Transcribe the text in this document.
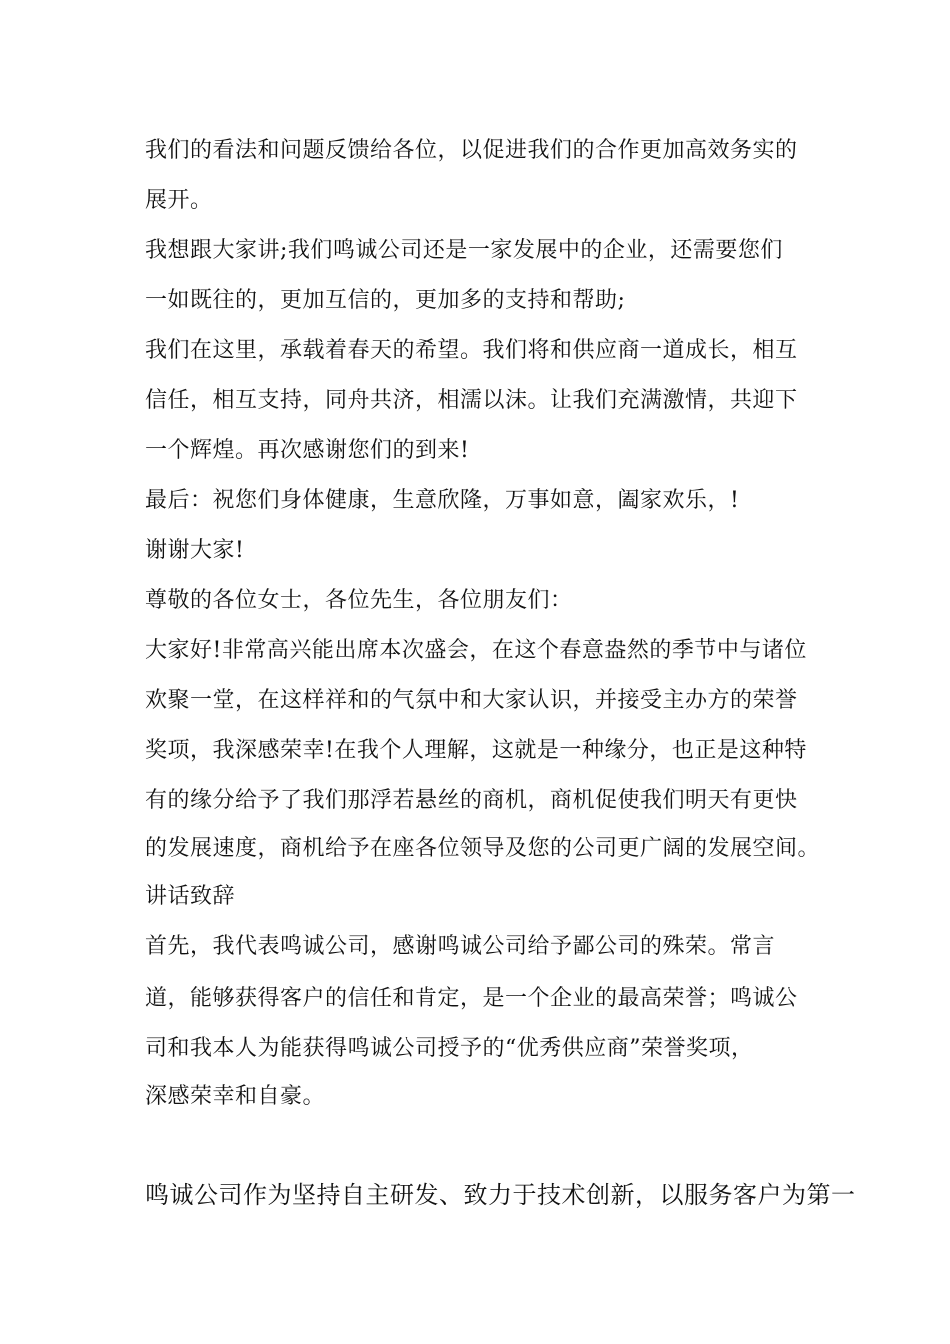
我们的看法和问题反馈给各位，以促进我们的合作更加高效务实的
展开。
我想跟大家讲;我们鸣诚公司还是一家发展中的企业，还需要您们
一如既往的，更加互信的，更加多的支持和帮助;
我们在这里，承载着春天的希望。我们将和供应商一道成长，相互
信任，相互支持，同舟共济，相濡以沫。让我们充满激情，共迎下
一个辉煌。再次感谢您们的到来!
最后：祝您们身体健康，生意欣隆，万事如意，阖家欢乐，!
谢谢大家!
尊敬的各位女士，各位先生，各位朋友们：
大家好!非常高兴能出席本次盛会，在这个春意盎然的季节中与诸位
欢聚一堂，在这样祥和的气氛中和大家认识，并接受主办方的荣誉
奖项，我深感荣幸!在我个人理解，这就是一种缘分，也正是这种特
有的缘分给予了我们那浮若悬丝的商机，商机促使我们明天有更快
的发展速度，商机给予在座各位领导及您的公司更广阔的发展空间。
讲话致辞
首先，我代表鸣诚公司，感谢鸣诚公司给予鄙公司的殊荣。常言
道，能够获得客户的信任和肯定，是一个企业的最高荣誉；鸣诚公
司和我本人为能获得鸣诚公司授予的“优秀供应商”荣誉奖项，
深感荣幸和自豪。
鸣诚公司作为坚持自主研发、致力于技术创新，以服务客户为第一
